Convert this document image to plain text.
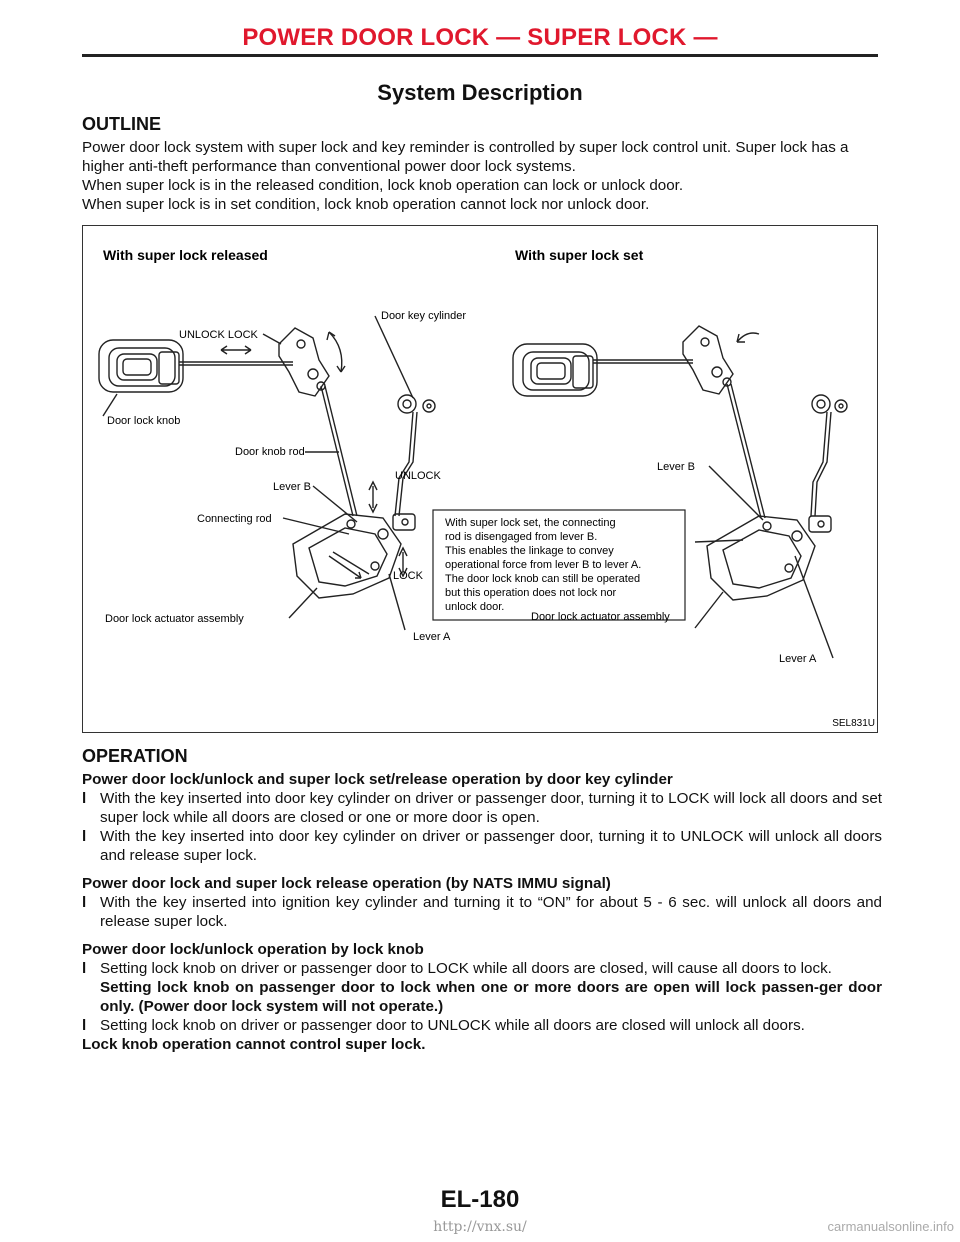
POWER DOOR LOCK — SUPER LOCK —
System Description
OUTLINE

Power door lock system with super lock and key reminder is controlled by super lock control unit. Super lock has a higher anti-theft performance than conventional power door lock systems.

When super lock is in the released condition, lock knob operation can lock or unlock door.

When super lock is in set condition, lock knob operation cannot lock nor unlock door.

With super lock released	With super lock set
UNLOCK LOCK
Door key cylinder
Door lock knob
Door knob rod
UNLOCK
Lever B
Connecting rod
LOCK
Door lock actuator assembly
Lever A
With super lock set, the connecting rod is disengaged from lever B. This enables the linkage to convey operational force from lever B to lever A. The door lock knob can still be operated but this operation does not lock nor unlock door.
Lever B
Door lock actuator assembly
Lever A
SEL831U
OPERATION

Power door lock/unlock and super lock set/release operation by door key cylinder

l With the key inserted into door key cylinder on driver or passenger door, turning it to LOCK will lock all doors and set super lock while all doors are closed or one or more door is open.

l With the key inserted into door key cylinder on driver or passenger door, turning it to UNLOCK will unlock all doors and release super lock.

Power door lock and super lock release operation (by NATS IMMU signal)

l With the key inserted into ignition key cylinder and turning it to “ON” for about 5 - 6 sec. will unlock all doors and release super lock.

Power door lock/unlock operation by lock knob

l Setting lock knob on driver or passenger door to LOCK while all doors are closed, will cause all doors to lock.
Setting lock knob on passenger door to lock when one or more doors are open will lock passen-ger door only. (Power door lock system will not operate.)

l Setting lock knob on driver or passenger door to UNLOCK while all doors are closed will unlock all doors.

Lock knob operation cannot control super lock.

EL-180
http://vnx.su/	carmanualsonline.info
